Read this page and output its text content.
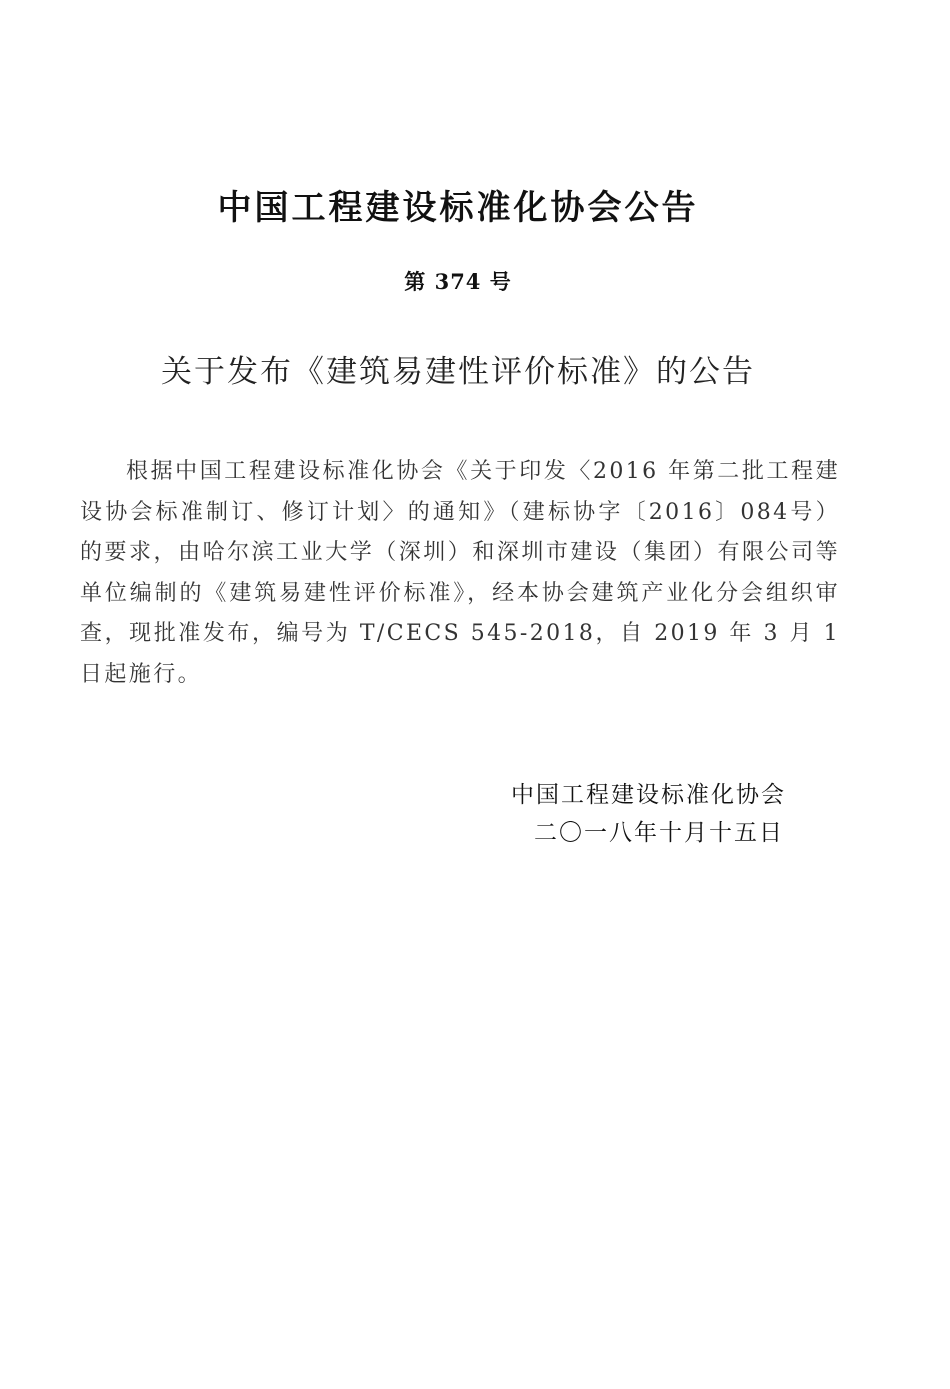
中国工程建设标准化协会公告
第 374 号
关于发布《建筑易建性评价标准》的公告
根据中国工程建设标准化协会《关于印发〈2016 年第二批工程建设协会标准制订、修订计划〉的通知》（建标协字〔2016〕084号）的要求，由哈尔滨工业大学（深圳）和深圳市建设（集团）有限公司等单位编制的《建筑易建性评价标准》，经本协会建筑产业化分会组织审查，现批准发布，编号为 T/CECS 545-2018，自 2019 年 3 月 1 日起施行。
中国工程建设标准化协会
二〇一八年十月十五日
